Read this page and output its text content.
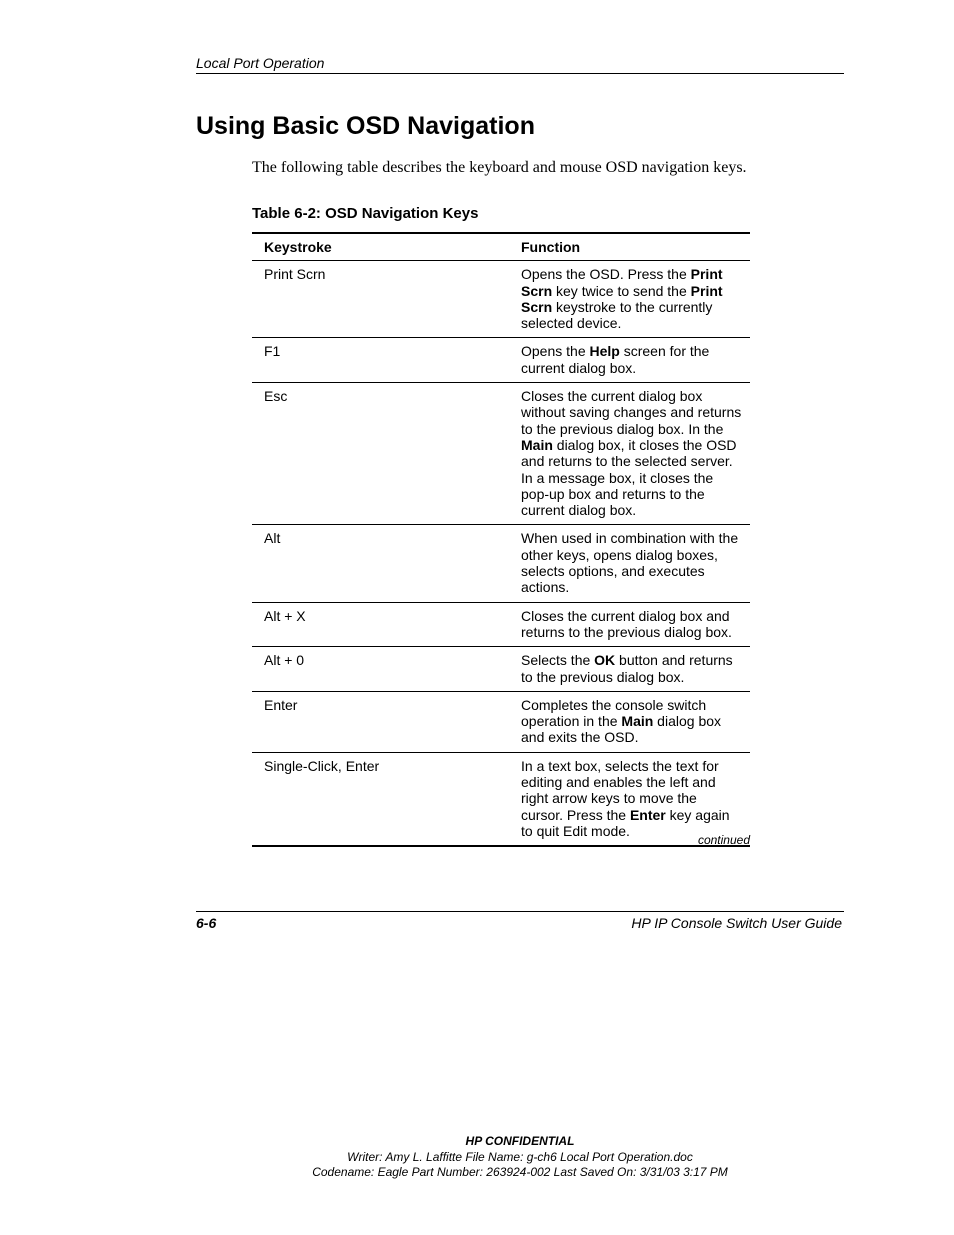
Local Port Operation
Using Basic OSD Navigation
The following table describes the keyboard and mouse OSD navigation keys.
Table 6-2: OSD Navigation Keys
Keystroke	Function
Print Scrn	Opens the OSD. Press the Print Scrn key twice to send the Print Scrn keystroke to the currently selected device.
F1	Opens the Help screen for the current dialog box.
Esc	Closes the current dialog box without saving changes and returns to the previous dialog box. In the Main dialog box, it closes the OSD and returns to the selected server. In a message box, it closes the pop-up box and returns to the current dialog box.
Alt	When used in combination with the other keys, opens dialog boxes, selects options, and executes actions.
Alt + X	Closes the current dialog box and returns to the previous dialog box.
Alt + 0	Selects the OK button and returns to the previous dialog box.
Enter	Completes the console switch operation in the Main dialog box and exits the OSD.
Single-Click, Enter	In a text box, selects the text for editing and enables the left and right arrow keys to move the cursor. Press the Enter key again to quit Edit mode.
continued
6-6	HP IP Console Switch User Guide
HP CONFIDENTIAL
Writer: Amy L. Laffitte File Name: g-ch6 Local Port Operation.doc
Codename: Eagle Part Number: 263924-002 Last Saved On: 3/31/03 3:17 PM
